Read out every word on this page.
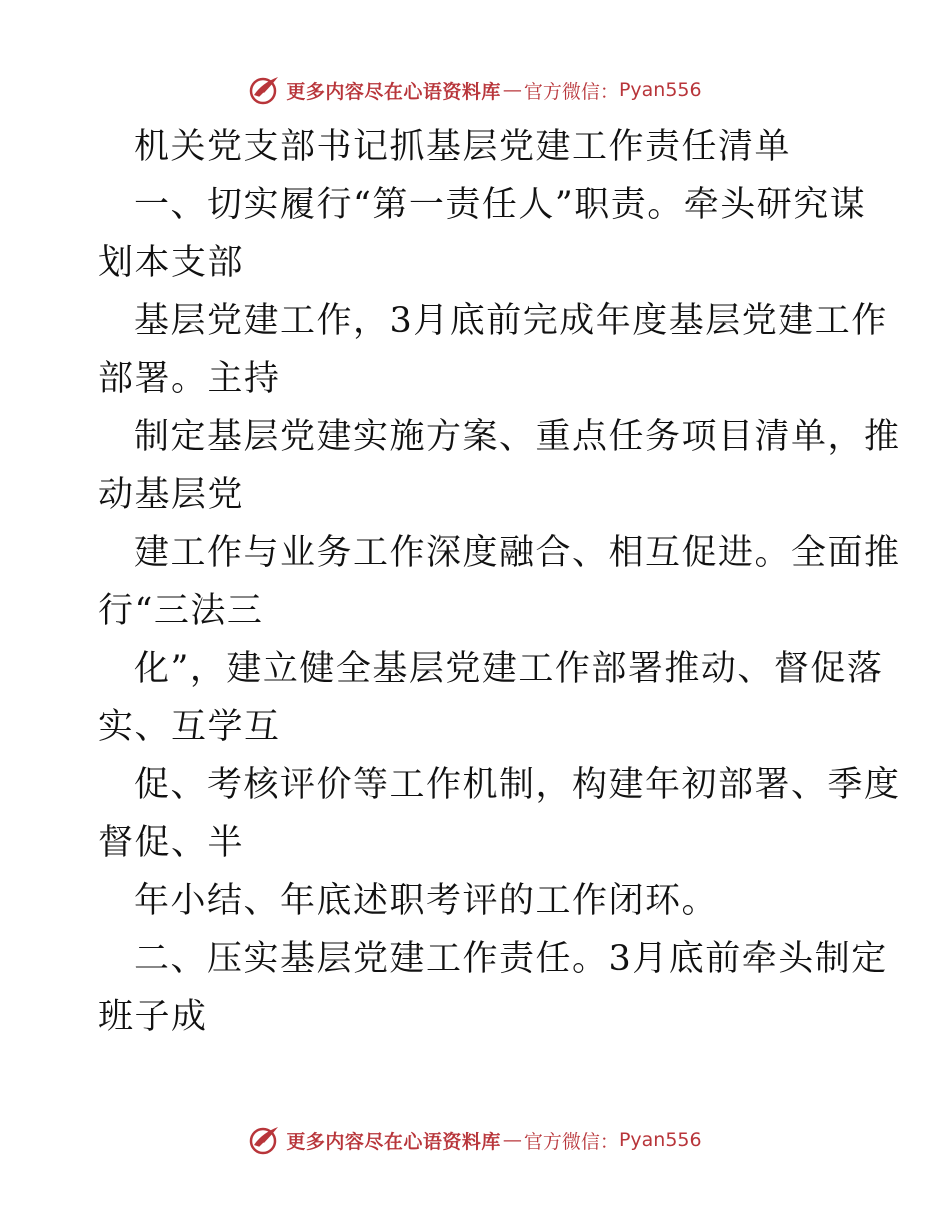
更多内容尽在心语资料库 — 官方微信： Pyan556
机关党支部书记抓基层党建工作责任清单
一、切实履行“第一责任人”职责。牵头研究谋
划本支部
基层党建工作，3月底前完成年度基层党建工作
部署。主持
制定基层党建实施方案、重点任务项目清单，推
动基层党
建工作与业务工作深度融合、相互促进。全面推
行“三法三
化”，建立健全基层党建工作部署推动、督促落
实、互学互
促、考核评价等工作机制，构建年初部署、季度
督促、半
年小结、年底述职考评的工作闭环。
二、压实基层党建工作责任。3月底前牵头制定
班子成
更多内容尽在心语资料库 — 官方微信： Pyan556
